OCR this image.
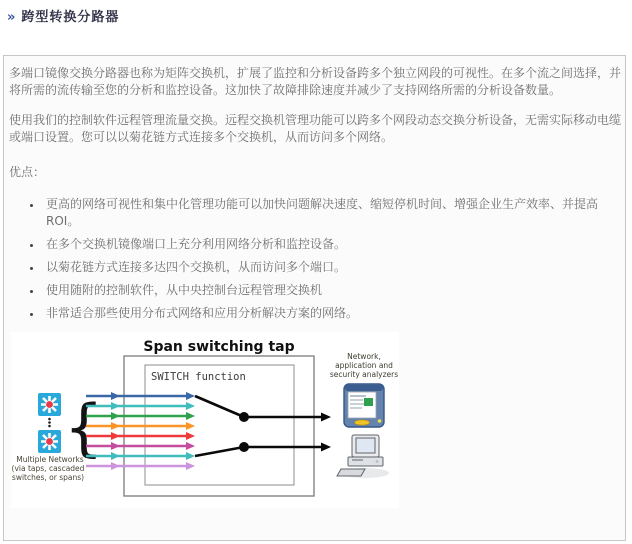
» 跨型转换分路器
多端口镜像交换分路器也称为矩阵交换机，扩展了监控和分析设备跨多个独立网段的可视性。在多个流之间选择，并将所需的流传输至您的分析和监控设备。这加快了故障排除速度并减少了支持网络所需的分析设备数量。
使用我们的控制软件远程管理流量交换。远程交换机管理功能可以跨多个网段动态交换分析设备，无需实际移动电缆或端口设置。您可以以菊花链方式连接多个交换机，从而访问多个网络。
优点：
• 更高的网络可视性和集中化管理功能可以加快问题解决速度、缩短停机时间、增强企业生产效率、并提高ROI。
• 在多个交换机镜像端口上充分利用网络分析和监控设备。
• 以菊花链方式连接多达四个交换机，从而访问多个端口。
• 使用随附的控制软件，从中央控制台远程管理交换机
• 非常适合那些使用分布式网络和应用分析解决方案的网络。
Span switching tap
SWITCH function
{
Network,
application and
security analyzers
Multiple Networks
(via taps, cascaded
switches, or spans)
